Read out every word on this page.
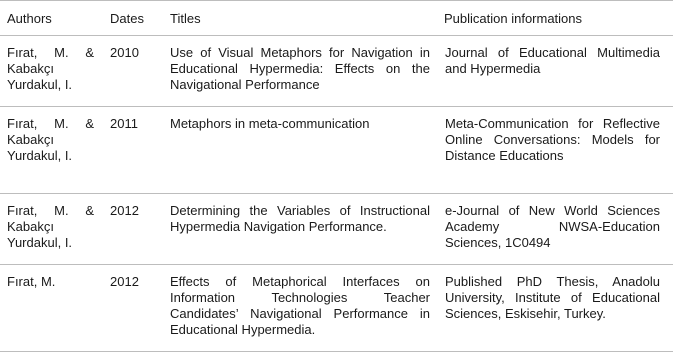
Authors	Dates	Titles	Publication informations
Fırat, M. & Kabakçı Yurdakul, I.	2010	Use of Visual Metaphors for Navigation in Educational Hypermedia: Effects on the Navigational Performance	Journal of Educational Multimedia and Hypermedia
Fırat, M. & Kabakçı Yurdakul, I.	2011	Metaphors in meta-communication	Meta-Communication for Reflective Online Conversations: Models for Distance Educations
Fırat, M. & Kabakçı Yurdakul, I.	2012	Determining the Variables of Instructional Hypermedia Navigation Performance.	e-Journal of New World Sciences Academy NWSA-Education Sciences, 1C0494
Fırat, M.	2012	Effects of Metaphorical Interfaces on Information Technologies Teacher Candidates’ Navigational Performance in Educational Hypermedia.	Published PhD Thesis, Anadolu University, Institute of Educational Sciences, Eskisehir, Turkey.
